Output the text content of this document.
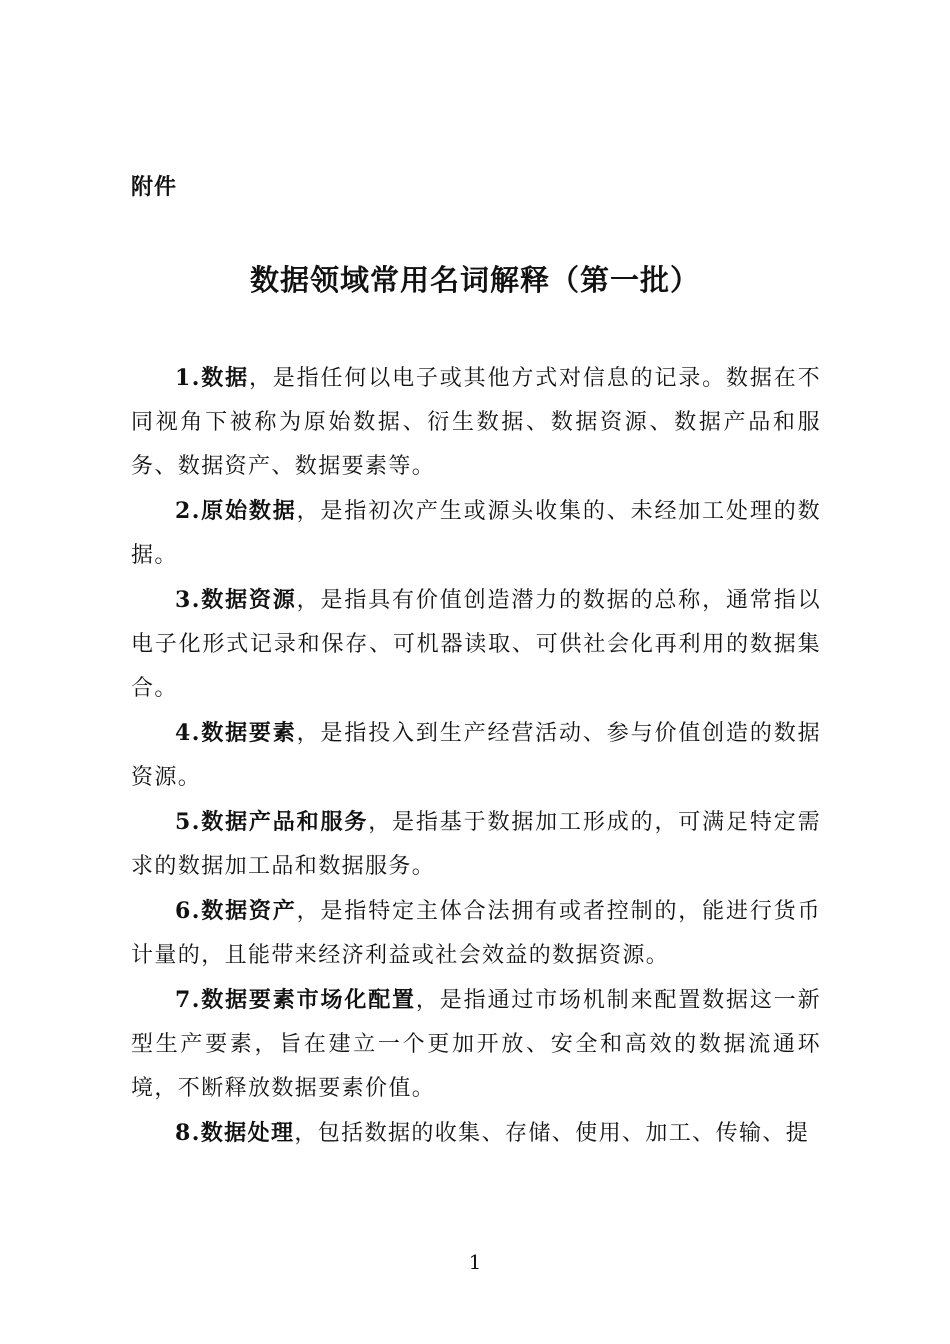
附件
数据领域常用名词解释（第一批）

1.数据，是指任何以电子或其他方式对信息的记录。数据在不同视角下被称为原始数据、衍生数据、数据资源、数据产品和服务、数据资产、数据要素等。

2.原始数据，是指初次产生或源头收集的、未经加工处理的数据。

3.数据资源，是指具有价值创造潜力的数据的总称，通常指以电子化形式记录和保存、可机器读取、可供社会化再利用的数据集合。

4.数据要素，是指投入到生产经营活动、参与价值创造的数据资源。

5.数据产品和服务，是指基于数据加工形成的，可满足特定需求的数据加工品和数据服务。

6.数据资产，是指特定主体合法拥有或者控制的，能进行货币计量的，且能带来经济利益或社会效益的数据资源。

7.数据要素市场化配置，是指通过市场机制来配置数据这一新型生产要素，旨在建立一个更加开放、安全和高效的数据流通环境，不断释放数据要素价值。

8.数据处理，包括数据的收集、存储、使用、加工、传输、提

1
